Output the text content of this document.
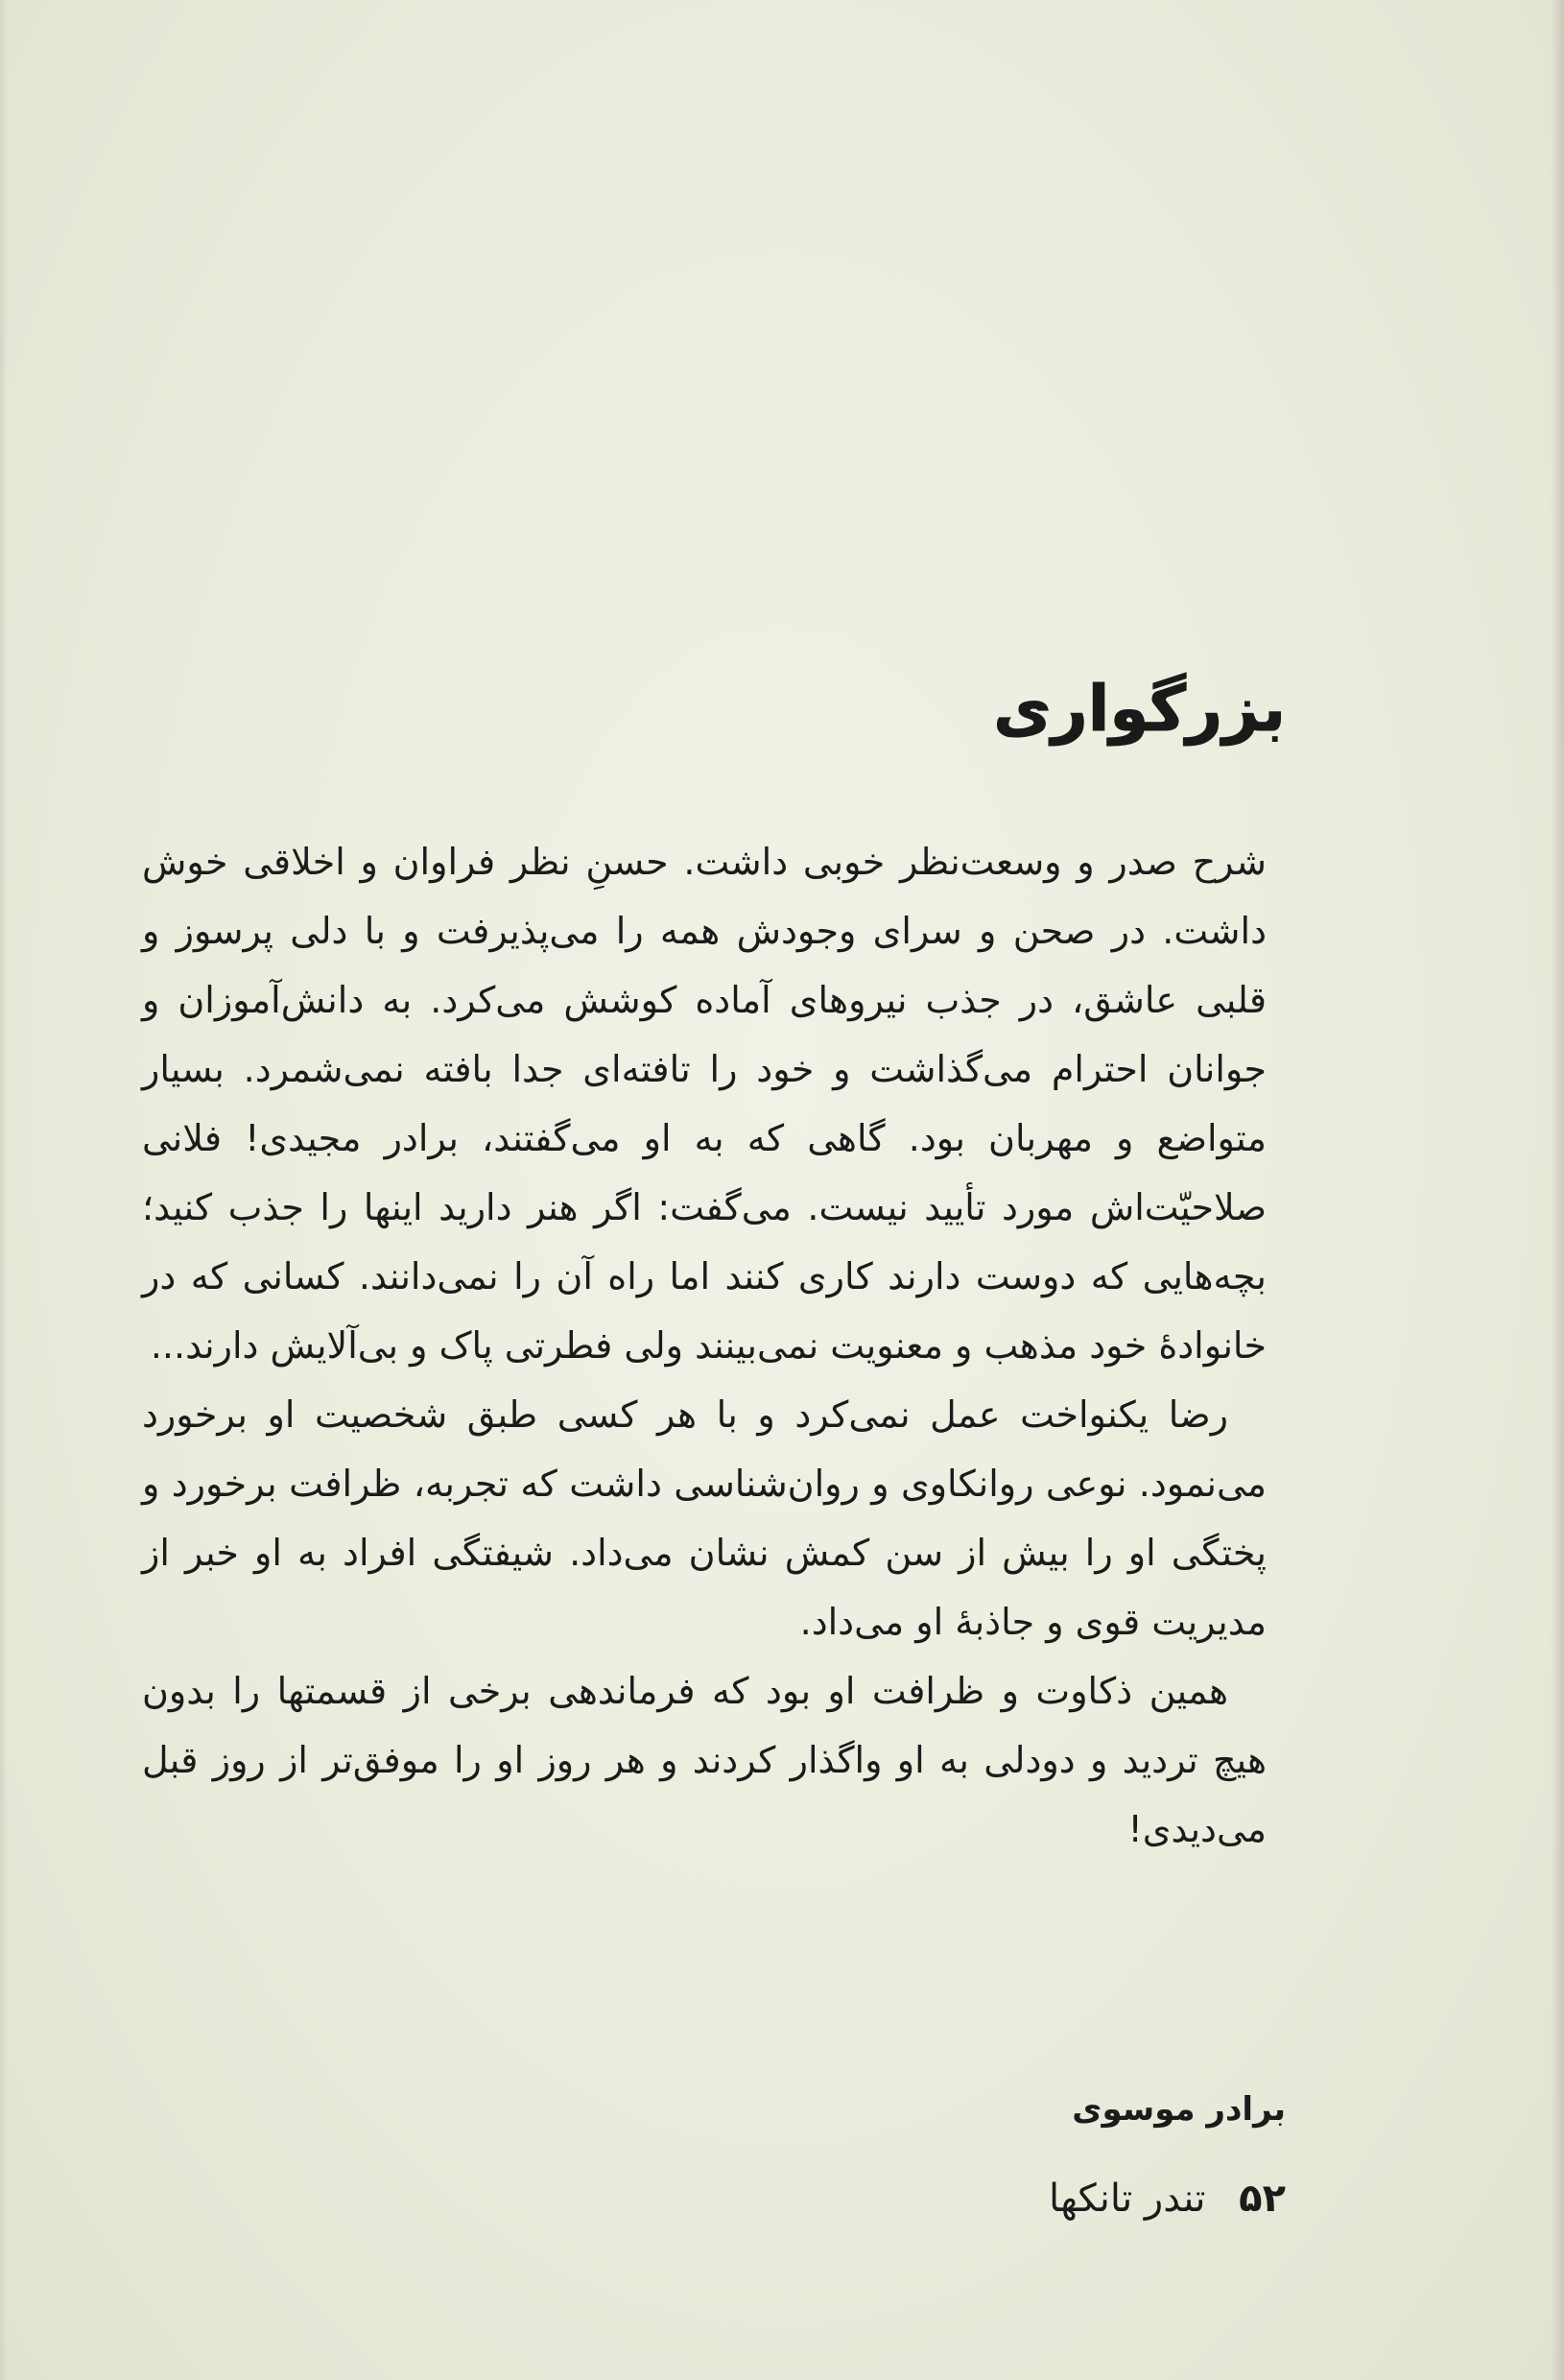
بزرگواری

شرح صدر و وسعت‌نظر خوبی داشت. حسنِ نظر فراوان و اخلاقی خوش داشت. در صحن و سرای وجودش همه را می‌پذیرفت و با دلی پرسوز و قلبی عاشق، در جذب نیروهای آماده کوشش می‌کرد. به دانش‌آموزان و جوانان احترام می‌گذاشت و خود را تافته‌ای جدا بافته نمی‌شمرد. بسیار متواضع و مهربان بود. گاهی که به او می‌گفتند، برادر مجیدی! فلانی صلاحیّت‌اش مورد تأیید نیست. می‌گفت: اگر هنر دارید اینها را جذب کنید؛ بچه‌هایی که دوست دارند کاری کنند اما راه آن را نمی‌دانند. کسانی که در خانوادهٔ خود مذهب و معنویت نمی‌بینند ولی فطرتی پاک و بی‌آلایش دارند...

رضا یکنواخت عمل نمی‌کرد و با هر کسی طبق شخصیت او برخورد می‌نمود. نوعی روانکاوی و روان‌شناسی داشت که تجربه، ظرافت برخورد و پختگی او را بیش از سن کمش نشان می‌داد. شیفتگی افراد به او خبر از مدیریت قوی و جاذبهٔ او می‌داد.

همین ذکاوت و ظرافت او بود که فرماندهی برخی از قسمتها را بدون هیچ تردید و دودلی به او واگذار کردند و هر روز او را موفق‌تر از روز قبل می‌دیدی!

برادر موسوی
۵۲ تندر تانکها
